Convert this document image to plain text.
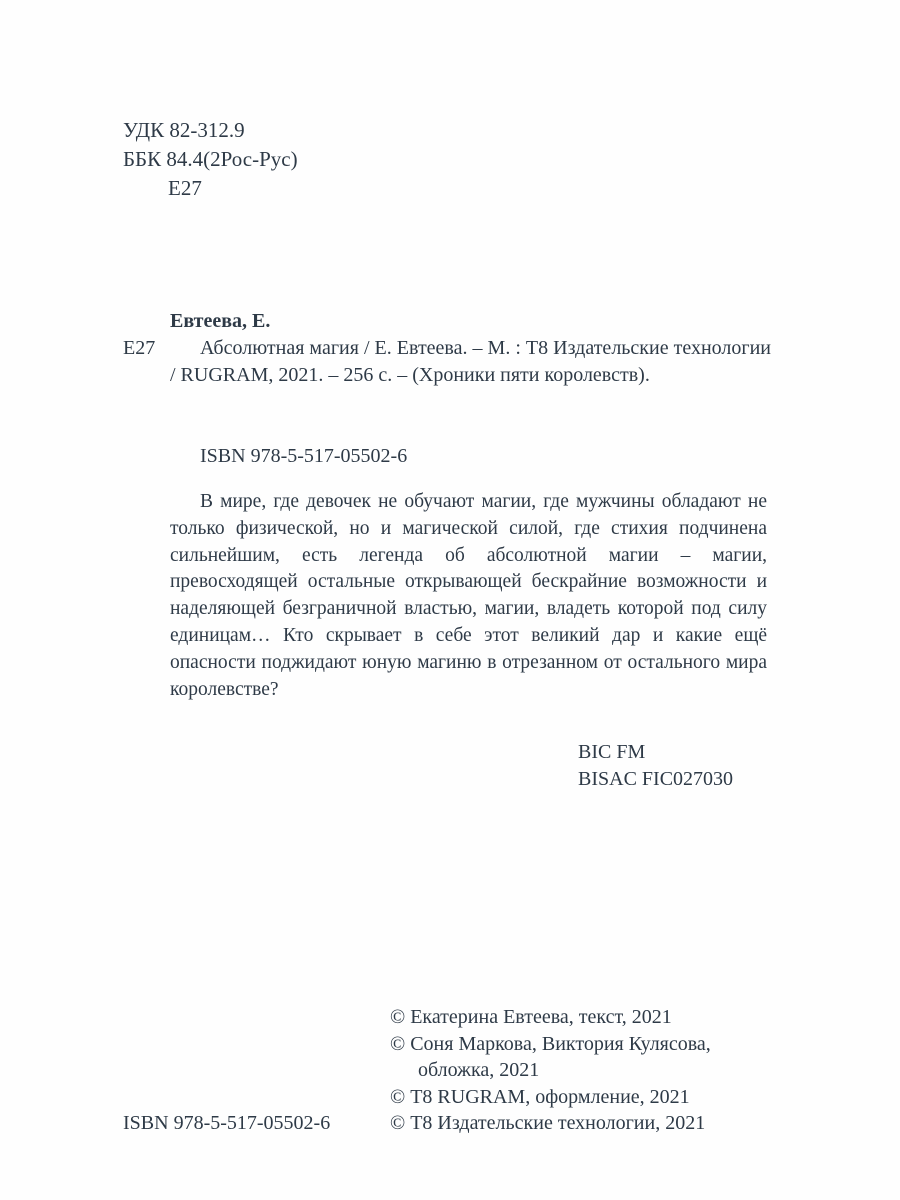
УДК 82-312.9
ББК 84.4(2Рос-Рус)
Е27
Евтеева, Е.
Е27	Абсолютная магия / Е. Евтеева. – М. : Т8 Издательские технологии / RUGRAM, 2021. – 256 с. – (Хроники пяти королевств).

ISBN 978-5-517-05502-6

В мире, где девочек не обучают магии, где мужчины обладают не только физической, но и магической силой, где стихия подчинена сильнейшим, есть легенда об абсолютной магии – магии, превосходящей остальные открывающей бескрайние возможности и наделяющей безграничной властью, магии, владеть которой под силу единицам… Кто скрывает в себе этот великий дар и какие ещё опасности поджидают юную магиню в отрезанном от остального мира королевстве?

BIC FM
BISAC FIC027030
© Екатерина Евтеева, текст, 2021
© Соня Маркова, Виктория Кулясова, обложка, 2021
© Т8 RUGRAM, оформление, 2021
© Т8 Издательские технологии, 2021
ISBN 978-5-517-05502-6
